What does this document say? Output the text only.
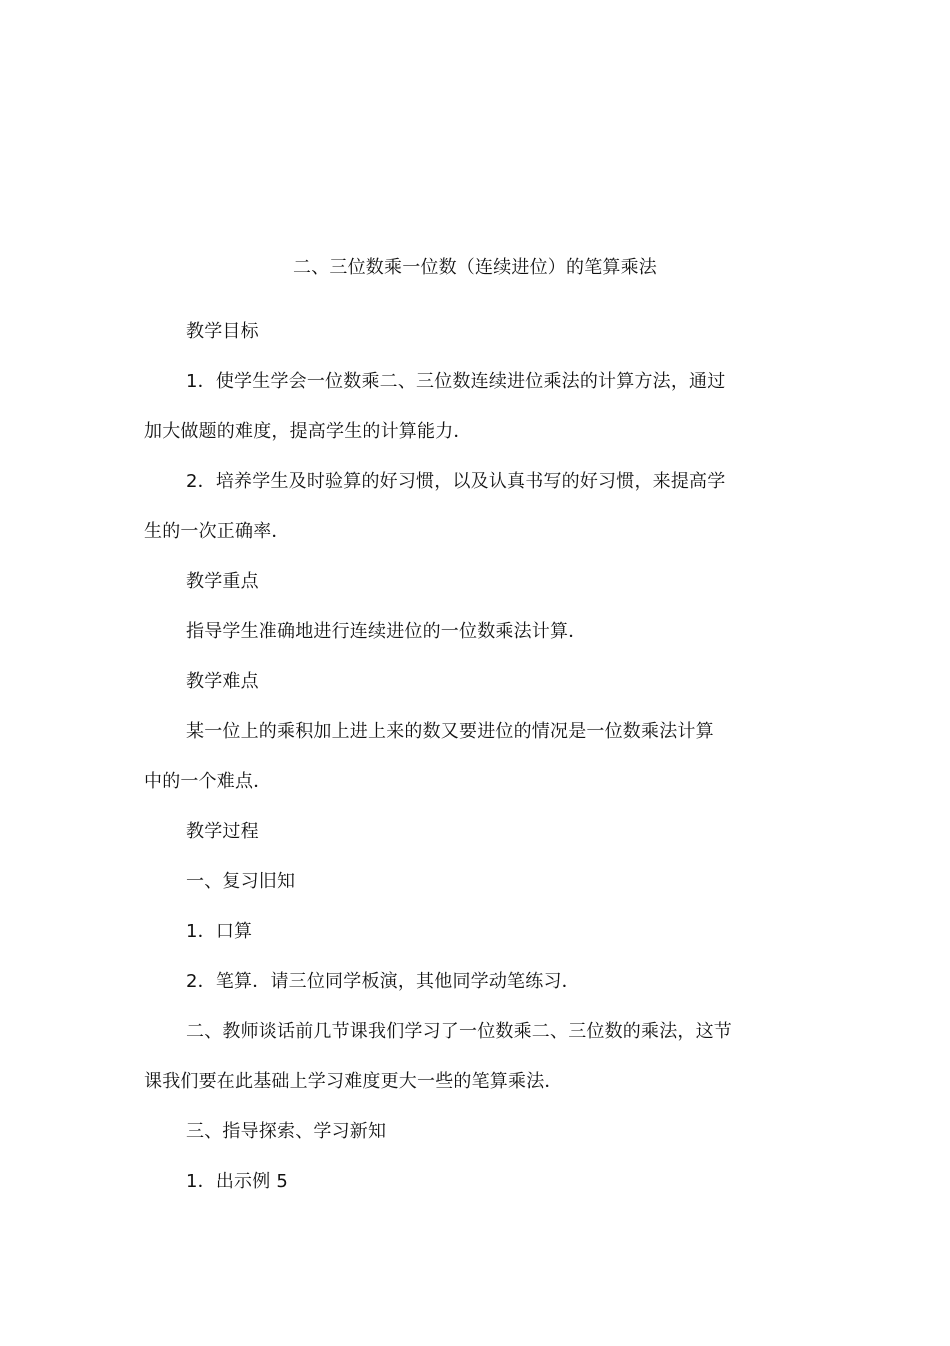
二、三位数乘一位数（连续进位）的笔算乘法
教学目标
1．使学生学会一位数乘二、三位数连续进位乘法的计算方法，通过
加大做题的难度，提高学生的计算能力．
2．培养学生及时验算的好习惯，以及认真书写的好习惯，来提高学
生的一次正确率．
教学重点
指导学生准确地进行连续进位的一位数乘法计算．
教学难点
某一位上的乘积加上进上来的数又要进位的情况是一位数乘法计算
中的一个难点．
教学过程
一、复习旧知
1．口算
2．笔算．请三位同学板演，其他同学动笔练习．
二、教师谈话前几节课我们学习了一位数乘二、三位数的乘法，这节
课我们要在此基础上学习难度更大一些的笔算乘法．
三、指导探索、学习新知
1．出示例 5
